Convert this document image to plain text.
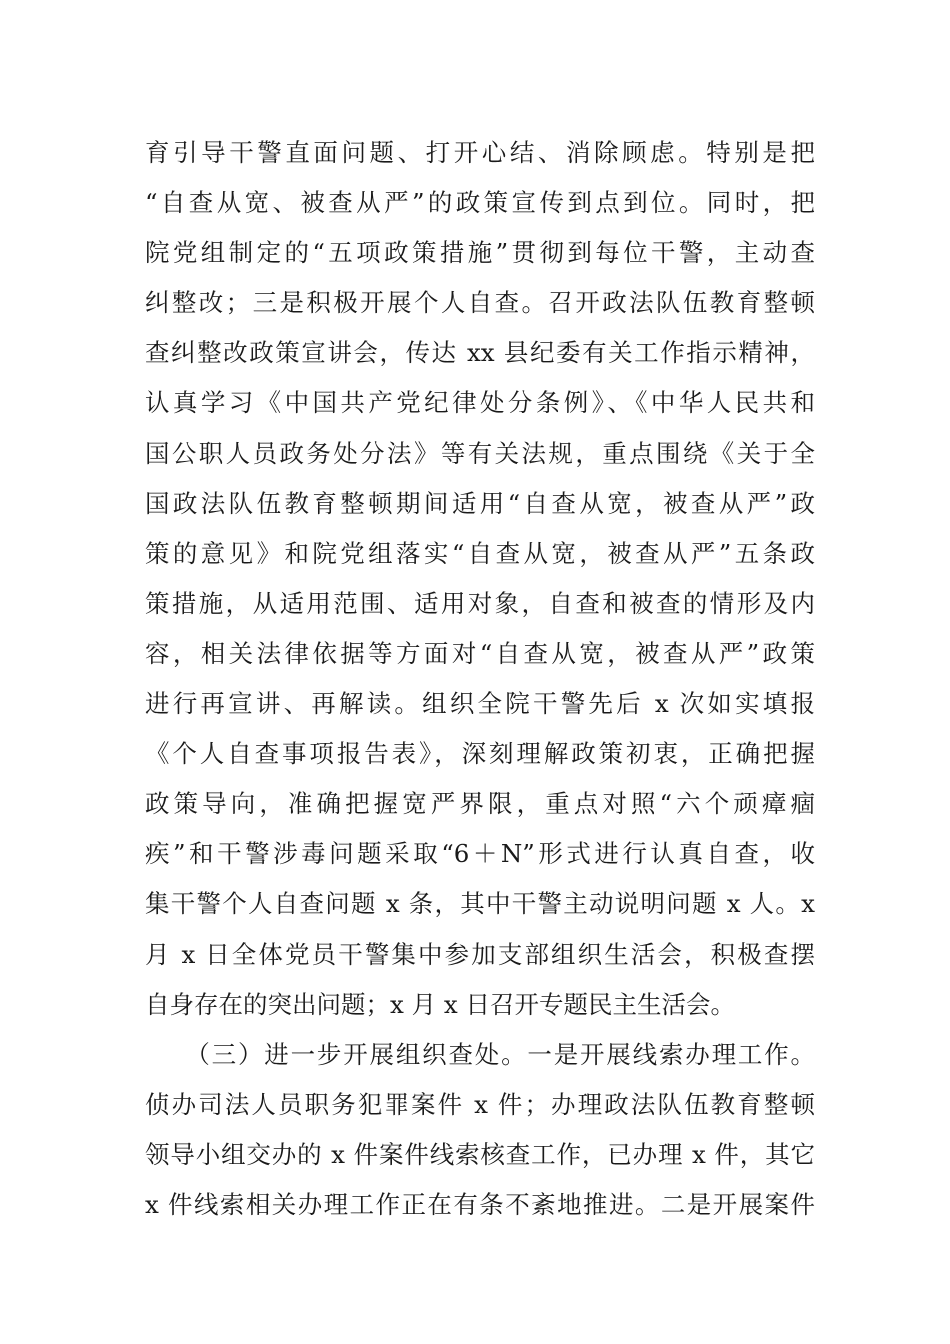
育引导干警直面问题、打开心结、消除顾虑。特别是把
“自查从宽、被查从严”的政策宣传到点到位。同时，把
院党组制定的“五项政策措施”贯彻到每位干警，主动查
纠整改；三是积极开展个人自查。召开政法队伍教育整顿
查纠整改政策宣讲会，传达 xx 县纪委有关工作指示精神，
认真学习《中国共产党纪律处分条例》、《中华人民共和
国公职人员政务处分法》等有关法规，重点围绕《关于全
国政法队伍教育整顿期间适用“自查从宽，被查从严”政
策的意见》和院党组落实“自查从宽，被查从严”五条政
策措施，从适用范围、适用对象，自查和被查的情形及内
容，相关法律依据等方面对“自查从宽，被查从严”政策
进行再宣讲、再解读。组织全院干警先后 x 次如实填报
《个人自查事项报告表》，深刻理解政策初衷，正确把握
政策导向，准确把握宽严界限，重点对照“六个顽瘴痼
疾”和干警涉毒问题采取“6＋N”形式进行认真自查，收
集干警个人自查问题 x 条，其中干警主动说明问题 x 人。x
月 x 日全体党员干警集中参加支部组织生活会，积极查摆
自身存在的突出问题；x 月 x 日召开专题民主生活会。
　　（三）进一步开展组织查处。一是开展线索办理工作。
侦办司法人员职务犯罪案件 x 件；办理政法队伍教育整顿
领导小组交办的 x 件案件线索核查工作，已办理 x 件，其它
x 件线索相关办理工作正在有条不紊地推进。二是开展案件
